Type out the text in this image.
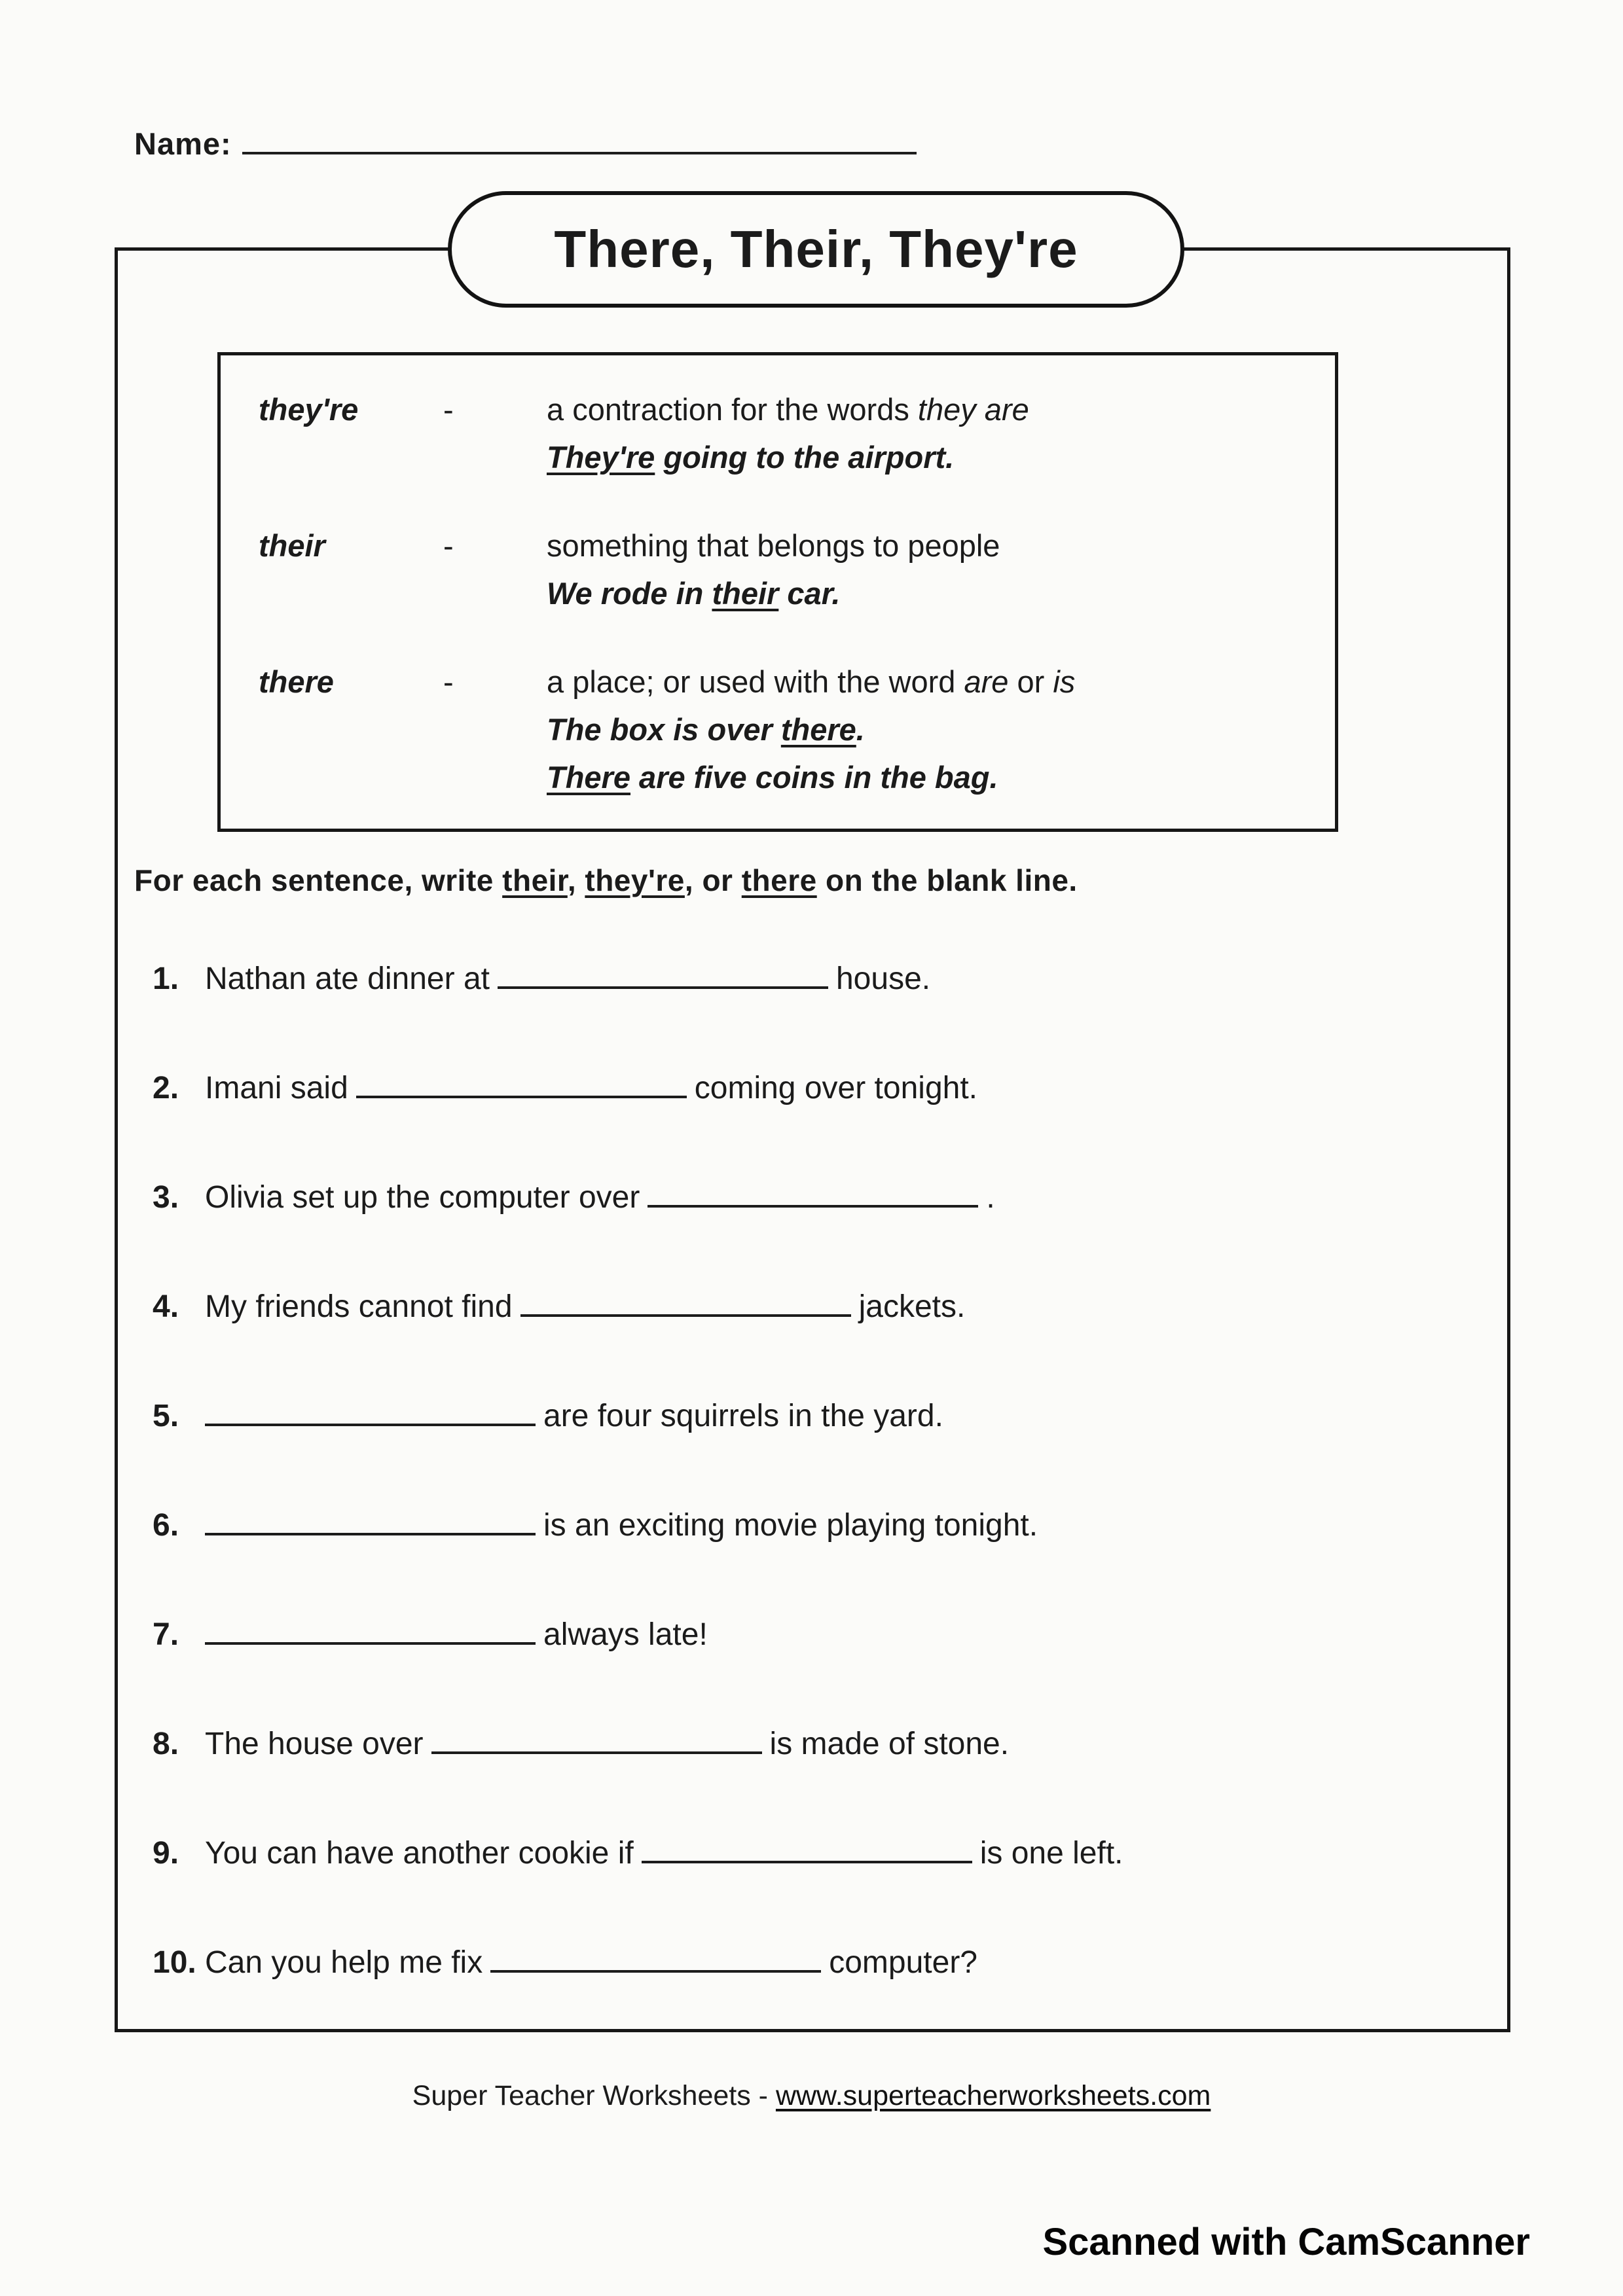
Name:
There, Their, They're
they're	-	a contraction for the words they are
They're going to the airport.
their	-	something that belongs to people
We rode in their car.
there	-	a place; or used with the word are or is
The box is over there.
There are five coins in the bag.

For each sentence, write their, they're, or there on the blank line.

1. Nathan ate dinner at	house.
2. Imani said	coming over tonight.
3. Olivia set up the computer over	.
4. My friends cannot find	jackets.
5.	are four squirrels in the yard.
6.	is an exciting movie playing tonight.
7.	always late!
8. The house over	is made of stone.
9. You can have another cookie if	is one left.
10. Can you help me fix	computer?
Super Teacher Worksheets - www.superteacherworksheets.com
Scanned with CamScanner
